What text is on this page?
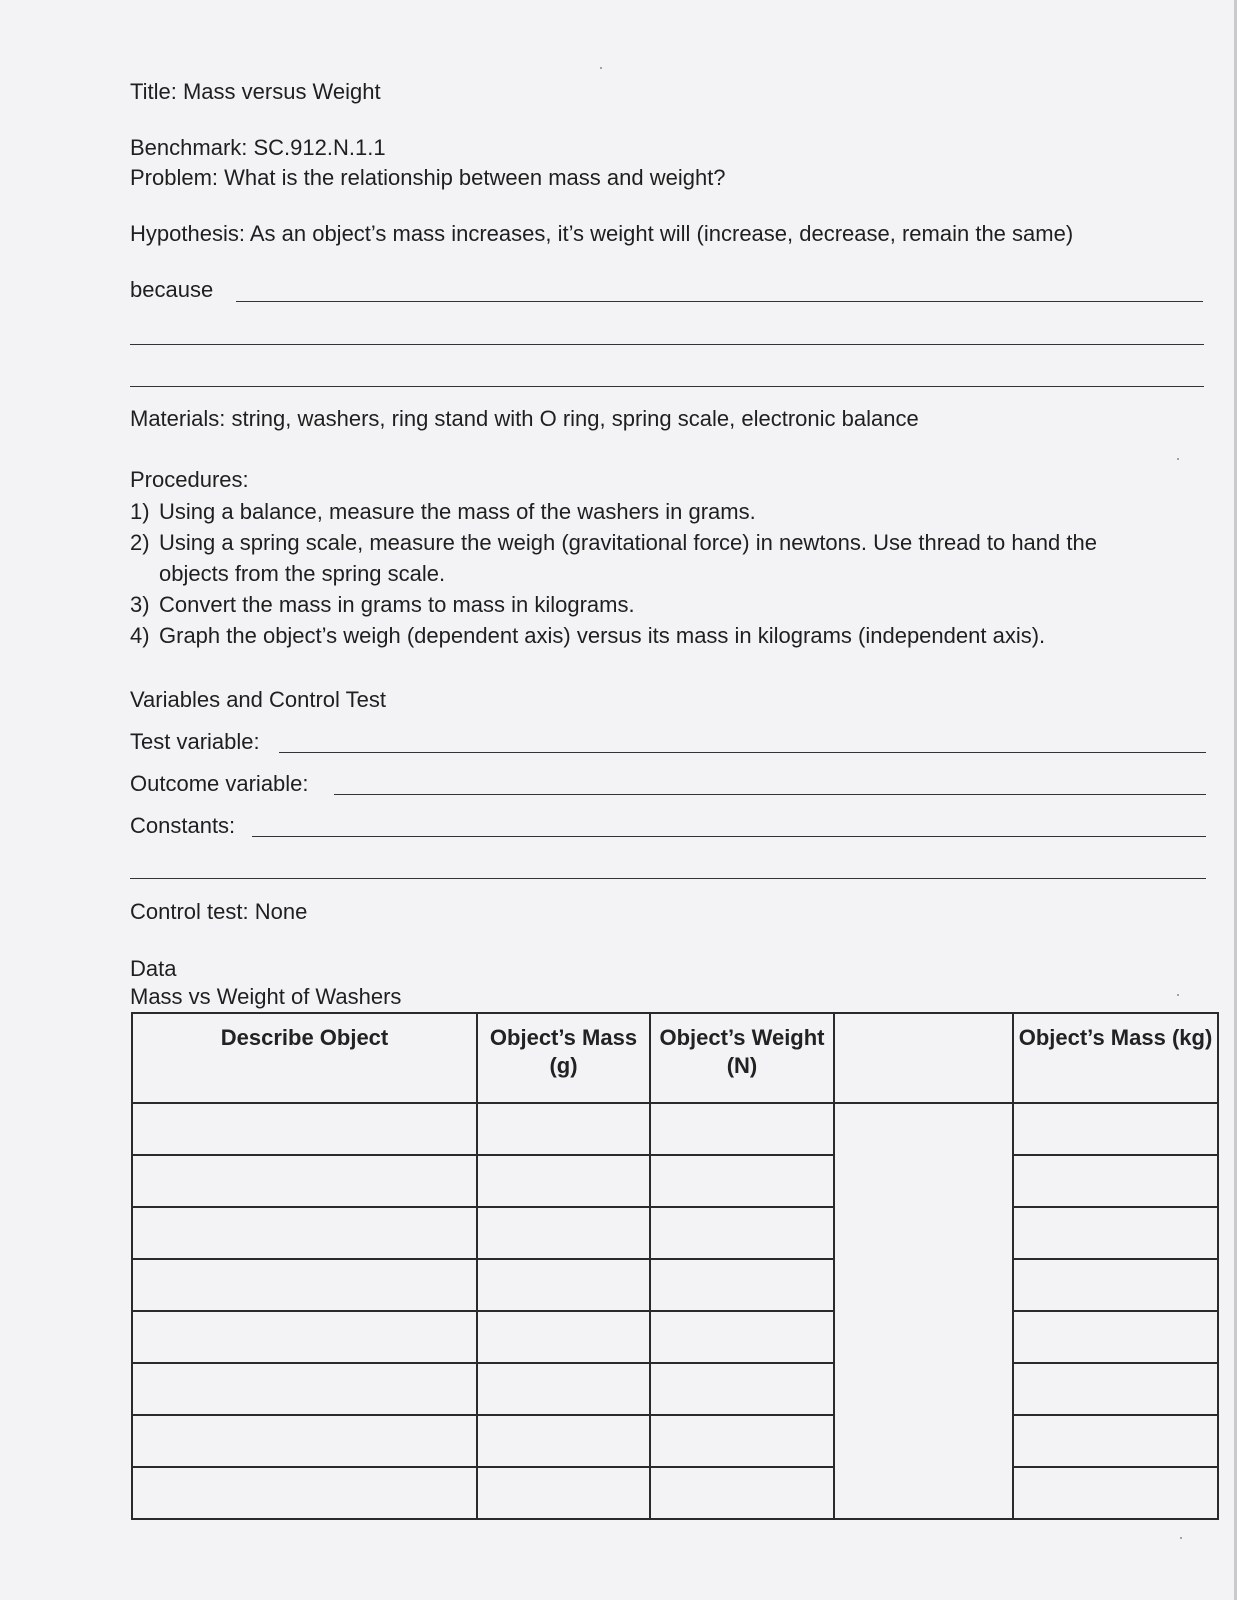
Title: Mass versus Weight
Benchmark: SC.912.N.1.1
Problem: What is the relationship between mass and weight?
Hypothesis: As an object’s mass increases, it’s weight will (increase, decrease, remain the same)
because
Materials: string, washers, ring stand with O ring, spring scale, electronic balance
Procedures:
1) Using a balance, measure the mass of the washers in grams.
2) Using a spring scale, measure the weigh (gravitational force) in newtons. Use thread to hand the
objects from the spring scale.
3) Convert the mass in grams to mass in kilograms.
4) Graph the object’s weigh (dependent axis) versus its mass in kilograms (independent axis).
Variables and Control Test
Test variable:
Outcome variable:
Constants:
Control test: None
Data
Mass vs Weight of Washers
Describe Object	Object’s Mass (g)	Object’s Weight (N)		Object’s Mass (kg)
